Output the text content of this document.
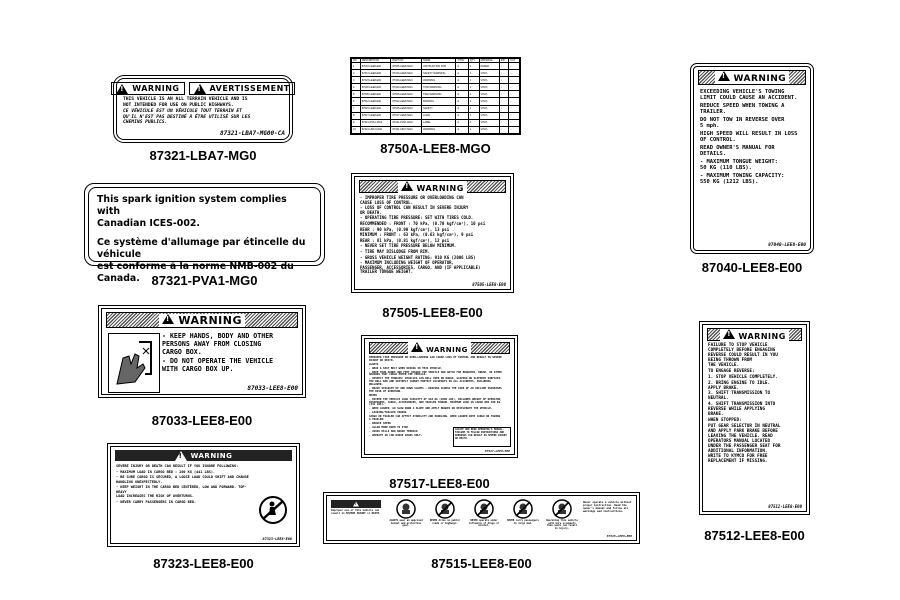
!
WARNING !	AVERTISSEMENT

THIS VEHICLE IS AN ALL TERRAIN VEHICLE AND IS
NOT INTENDED FOR USE ON PUBLIC HIGHWAYS.

CE VÉHICULE EST UN VÉHICULE TOUT TERRAIN ET
QU'IL N'EST PAS DESTINÉ À ÊTRE UTILISÉ SUR LES
CHEMINS PUBLICS.

87321-LBA7-MG00-CA
87321-LBA7-MG0
NO	DESCRIPTION	PART NO	NAME	TYPE	QTY	MATERIAL	INK	CUT
1	87033-LEE8-E00	87505-LEE8-MG0	INSTRUCTION FOR	A	1	PAPER	○	○
2	87313-LEE8-E00	87313-LEE8-MG0	SAFETY WARNING	A	1	VINYL	○	○
3	87323-LEE8-E00	87323-LEE8-MG0	WARNING	A	1	VINYL	○	○
4	87040-LEE8-E00	87040-LEE8-MG0	TOW WARNING	A	1	VINYL	○	○
5	87505-LEE8-E00	87505-LEE8-MG0	TIRE WARNING	A	1	VINYL	○	○
6	87512-LEE8-E00	87512-LEE8-MG0	PARKING	A	1	VINYL	○	○
7	87515-LEE8-E00	87515-LEE8-MG0	SAFETY	A	1	VINYL	○	○
8	87517-LEE8-E00	87517-LEE8-MG0	LOAD	A	1	VINYL	○	○
9	87321-PVA1-MG0	87321-PVA1-MG0	LABEL	A	1	VINYL	○	○
10	87321-LBA7-MG0	87321-LBA7-MG0	WARNING	A	1	VINYL	○	○
8750A-LEE8-MGO
! WARNING

EXCEEDING VEHICLE'S TOWING
LIMIT COULD CAUSE AN ACCIDENT.

REDUCE SPEED WHEN TOWING A
TRAILER.

DO NOT TOW IN REVERSE OVER
5 mph.

HIGH SPEED WILL RESULT IN LOSS
OF CONTROL.

READ OWNER'S MANUAL FOR
DETAILS.

- MAXIMUM TONGUE WEIGHT:
50 KG (110 LBS).

- MAXIMUM TOWING CAPACITY:
550 KG (1212 LBS).

87040-LEE8-E00
87040-LEE8-E00

This spark ignition system complies with
Canadian ICES-002.

Ce système d'allumage par étincelle du véhicule
est conforme à la norme NMB-002 du Canada. 87321-PVA1-MG0
! WARNING

- IMPROPER TIRE PRESSURE OR OVERLOADING CAN
CAUSE LOSS OF CONTROL.

- LOSS OF CONTROL CAN RESULT IN SEVERE INJURY
OR DEATH.

- OPERATING TIRE PRESSURE: SET WITH TIRES COLD.

RECOMMENDED : FRONT : 70 kPa, (0.70 kgf/cm²), 10 psi

REAR : 90 kPa, (0.90 kgf/cm²), 13 psi

MINIMUM : FRONT : 63 kPa, (0.63 kgf/cm²), 9 psi

REAR : 81 kPa, (0.81 kgf/cm²), 12 psi

- NEVER SET TIRE PRESSURE BELOW MINIMUM.

- TIRE MAY DISLODGE FROM RIM.

- GROSS VEHICLE WEIGHT RATING: 910 KG (2006 LBS)

- MAXIMUM INCLUDING WEIGHT OF OPERATOR,
PASSENGER, ACCESSORIES, CARGO, AND (IF APPLICABLE)
TRAILER TONGUE WEIGHT.

87505-LEE8-E00
87505-LEE8-E00
! WARNING

- KEEP HANDS, BODY AND OTHER
PERSONS AWAY FROM CLOSING
CARGO BOX.

- DO NOT OPERATE THE VEHICLE
WITH CARGO BOX UP.

87033-LEE8-E00
87033-LEE8-E00
! WARNING

IMPROPER TIRE PRESSURE OR OVER-LOADING CAN CAUSE LOSS OF CONTROL AND RESULT IN SEVERE INJURY OR DEATH.

ALWAYS

- WEAR A SEAT BELT WHEN RIDING IN THIS VEHICLE.

- KEEP YOUR HANDS AND FEET INSIDE THE VEHICLE AND WATCH FOR BRANCHES, BRUSH, OR OTHER HAZARDS THAT COULD ENTER THE VEHICLE.

- INSPECT THE TERRAIN: VEHICLES CAN ROLL OVER ON ROUGH, SLOPING OR SLIPPERY SURFACES. THE ROLL BAR AND SEATBELT CANNOT PROTECT OCCUPANTS IN ALL ACCIDENTS, INCLUDING ROLLOVER.

- DRIVE STRAIGHT UP AND DOWN SLOPES - DRIVING ACROSS THE SIDE OF AN INCLINE INCREASES THE RISK OF OVERTURN.

NEVER

- EXCEED THE VEHICLE LOAD CAPACITY OF 910 KG (2006 LBS), INCLUDES WEIGHT OF OPERATOR, PASSENGERS, CARGO, ACCESSORIES, AND TRAILER TONGUE. MAXIMUM LOAD IN CARGO BED 200 KG (441 LBS).

- WHEN LOADED, GO SLOW DOWN A SLOPE AND APPLY BRAKES OR DECELERATE THE VEHICLE.

- LOADING/TRAILER TOWING

CARGO OR TRAILER CAN AFFECT STABILITY AND HANDLING. WHEN LOADED WITH CARGO OR TOWING A TRAILER:

- REDUCE SPEED

- ALLOW MORE ROOM TO STOP

- AVOID HILLS AND ROUGH TERRAIN

- OPERATE IN LOW RANGE GEARS ONLY.

LOCATE AND READ OPERATOR'S MANUAL. FAILURE TO FOLLOW INSTRUCTIONS AND WARNINGS CAN RESULT IN SEVERE INJURY OR DEATH.
87517-LEE8-E00
87517-LEE8-E00
! WARNING

FAILURE TO STOP VEHICLE
COMPLETELY BEFORE ENGAGING
REVERSE COULD RESULT IN YOU
BEING THROWN FROM
THE VEHICLE.

TO ENGAGE REVERSE:

1. STOP VEHICLE COMPLETELY.

2. BRING ENGINE TO IDLE.
APPLY BRAKE.

3. SHIFT TRANSMISSION TO
NEUTRAL.

4. SHIFT TRANSMISSION INTO
REVERSE WHILE APPLYING
BRAKE.

WHEN STOPPED:

PUT GEAR SELECTOR IN NEUTRAL
AND APPLY PARK BRAKE BEFORE
LEAVING THE VEHICLE. READ
OPERATORS MANUAL LOCATED
UNDER THE PASSENGER SEAT FOR
ADDITIONAL INFORMATION.
WRITE TO KYMCO FOR FREE
REPLACEMENT IF MISSING.

87512-LEE8-E00
87512-LEE8-E00
!
WARNING

SEVERE INJURY OR DEATH CAN RESULT IF YOU IGNORE FOLLOWING:

- MAXIMUM LOAD IN CARGO BED : 200 KG (441 LBS).

- BE SURE CARGO IS SECURED, A LOOSE LOAD COULD SHIFT AND CHANGE
HANDLING UNEXPECTEDLY.

- KEEP WEIGHT IN THE CARGO BED CENTERED, LOW AND FORWARD. TOP-HEAVY
LOAD INCREASES THE RISK OF OVERTURNS.

- NEVER CARRY PASSENGERS IN CARGO BED.

87323-LEE8-E00
87323-LEE8-E00
!
Improper use of this vehicle can result in SEVERE INJURY or DEATH.
ALWAYS wear an approved helmet and protective gear.
NEVER drive on public roads or highways.
NEVER operate under influence of drugs or alcohol.
NEVER carry passengers in cargo bed.
Operating this vehicle with more occupants than seats can result in injury.
Never operate a vehicle without proper instruction. Read the owner's manual and follow all warnings and instructions.
87515-LEE8-E00
87515-LEE8-E00
